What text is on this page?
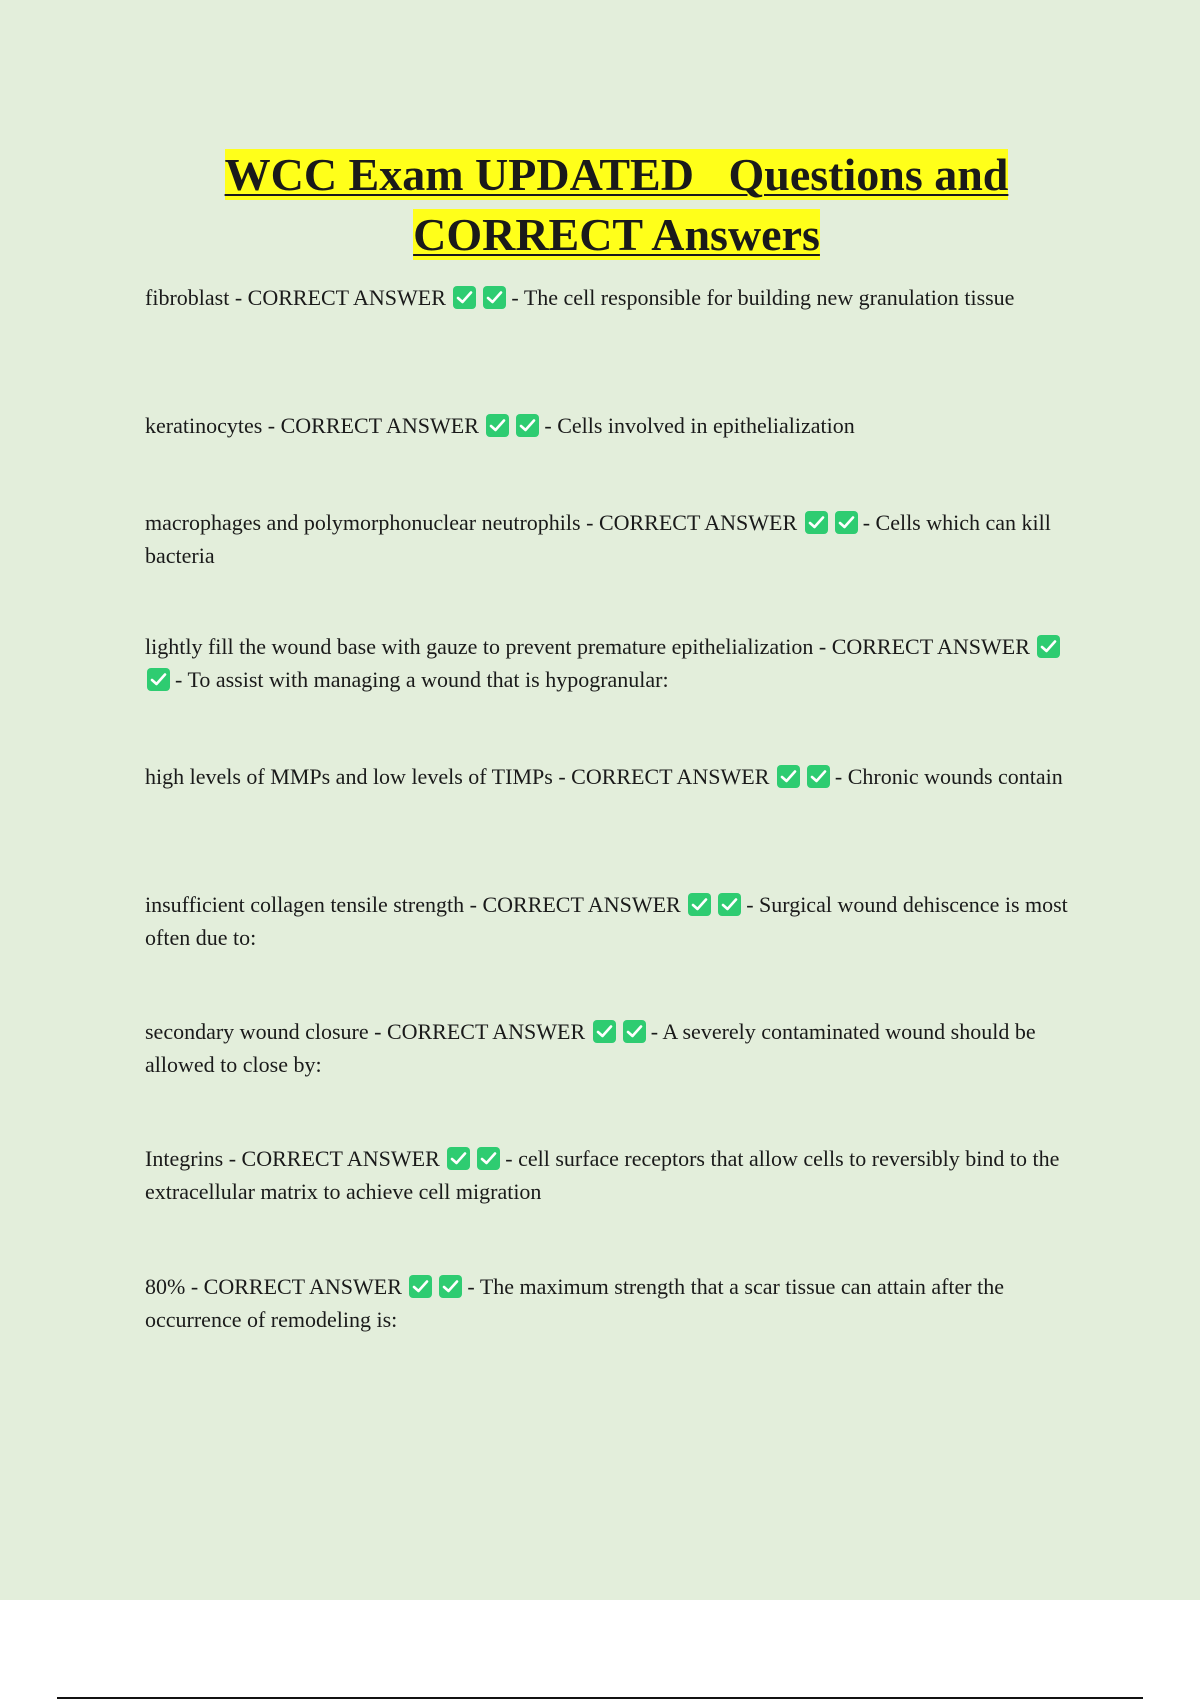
WCC Exam UPDATED   Questions and
CORRECT Answers

fibroblast - CORRECT ANSWER	- The cell responsible for building new granulation tissue

keratinocytes - CORRECT ANSWER	- Cells involved in epithelialization

macrophages and polymorphonuclear neutrophils - CORRECT ANSWER	- Cells which can kill bacteria

lightly fill the wound base with gauze to prevent premature epithelialization - CORRECT ANSWER
- To assist with managing a wound that is hypogranular:

high levels of MMPs and low levels of TIMPs - CORRECT ANSWER	- Chronic wounds contain

insufficient collagen tensile strength - CORRECT ANSWER	- Surgical wound dehiscence is most often due to:

secondary wound closure - CORRECT ANSWER	- A severely contaminated wound should be allowed to close by:

Integrins - CORRECT ANSWER	- cell surface receptors that allow cells to reversibly bind to the extracellular matrix to achieve cell migration

80% - CORRECT ANSWER	- The maximum strength that a scar tissue can attain after the occurrence of remodeling is:
